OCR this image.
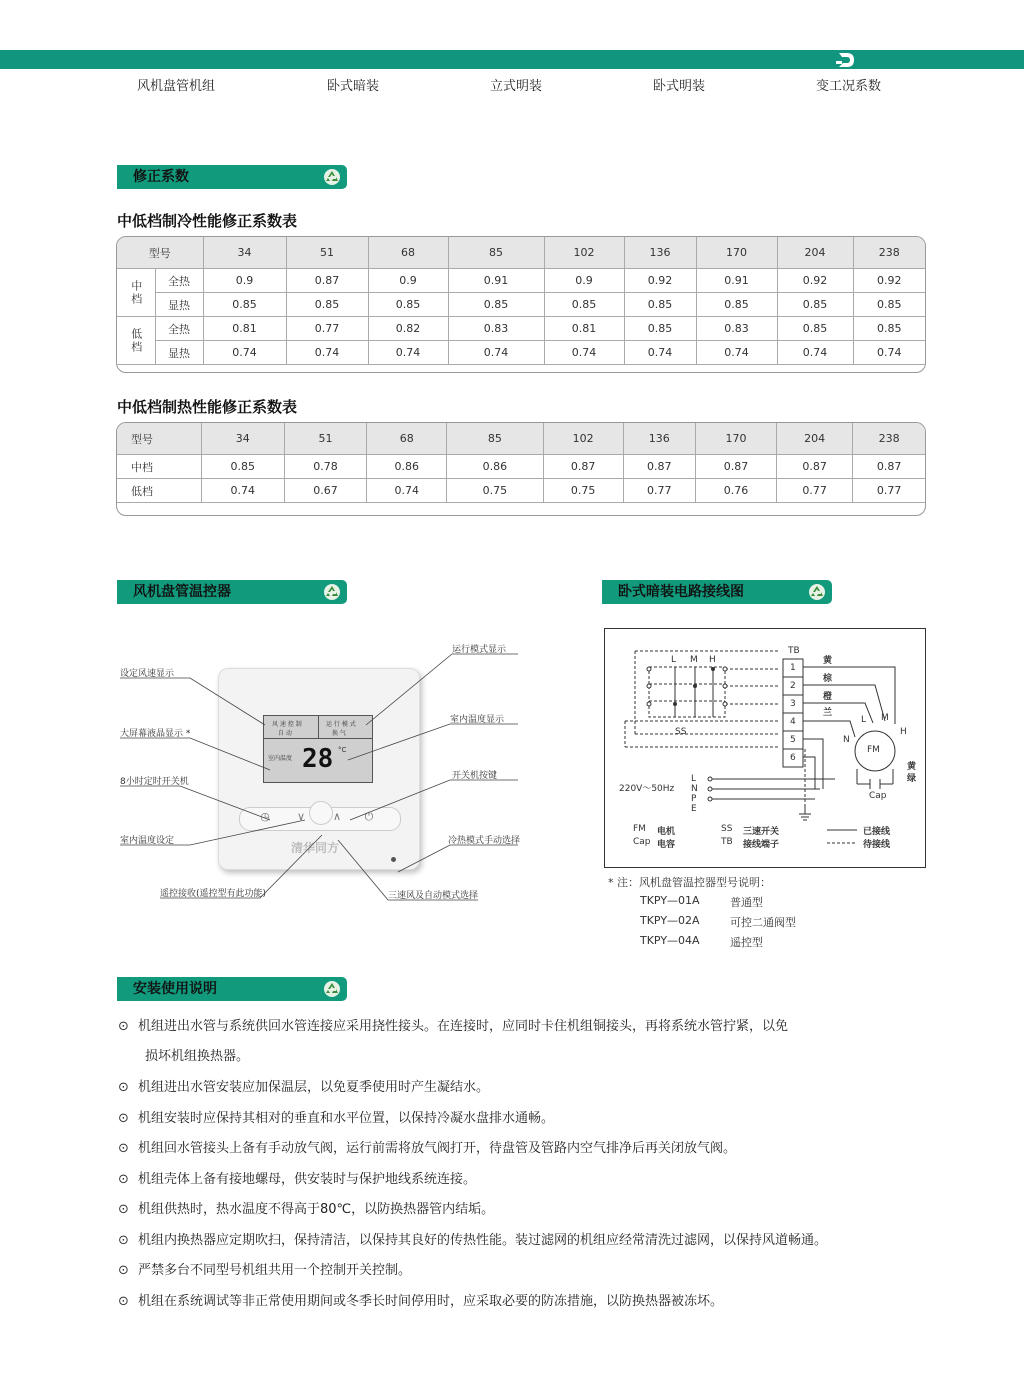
风机盘管机组	卧式暗装	立式明装	卧式明装	变工况系数
修正系数
中低档制冷性能修正系数表
型号		34	51	68	85	102	136	170	204	238
中档	全热	0.9	0.87	0.9	0.91	0.9	0.92	0.91	0.92	0.92
	显热	0.85	0.85	0.85	0.85	0.85	0.85	0.85	0.85	0.85
低档	全热	0.81	0.77	0.82	0.83	0.81	0.85	0.83	0.85	0.85
	显热	0.74	0.74	0.74	0.74	0.74	0.74	0.74	0.74	0.74
中低档制热性能修正系数表
型号	34	51	68	85	102	136	170	204	238
中档	0.85	0.78	0.86	0.86	0.87	0.87	0.87	0.87	0.87
低档	0.74	0.67	0.74	0.75	0.75	0.77	0.76	0.77	0.77
风机盘管温控器
风 速 控 制
自 动
运 行 模 式
换 气
室内温度 28 °C
◷	∨	∧	⏻
清华同方
设定风速显示
大屏幕液晶显示 *
8小时定时开关机
室内温度设定
遥控接收(遥控型有此功能)
运行模式显示
室内温度显示
开关机按键
冷热模式手动选择
三速风及自动模式选择
卧式暗装电路接线图
L M H
SS
TB
1
2
3
4
5
6
黄
棕
橙
兰
L M
H
N
FM
Cap
黄
绿
220V～50Hz
L
N
P
E
FM 电机
Cap 电容
SS 三速开关
TB 接线端子
已接线
待接线
* 注：风机盘管温控器型号说明：
TKPY—01A	普通型
TKPY—02A	可控二通阀型
TKPY—04A	遥控型
安装使用说明
⊙ 机组进出水管与系统供回水管连接应采用挠性接头。在连接时，应同时卡住机组铜接头，再将系统水管拧紧，以免
损坏机组换热器。
⊙ 机组进出水管安装应加保温层，以免夏季使用时产生凝结水。
⊙ 机组安装时应保持其相对的垂直和水平位置，以保持冷凝水盘排水通畅。
⊙ 机组回水管接头上备有手动放气阀，运行前需将放气阀打开，待盘管及管路内空气排净后再关闭放气阀。
⊙ 机组壳体上备有接地螺母，供安装时与保护地线系统连接。
⊙ 机组供热时，热水温度不得高于80℃，以防换热器管内结垢。
⊙ 机组内换热器应定期吹扫，保持清洁，以保持其良好的传热性能。装过滤网的机组应经常清洗过滤网，以保持风道畅通。
⊙ 严禁多台不同型号机组共用一个控制开关控制。
⊙ 机组在系统调试等非正常使用期间或冬季长时间停用时，应采取必要的防冻措施，以防换热器被冻坏。
